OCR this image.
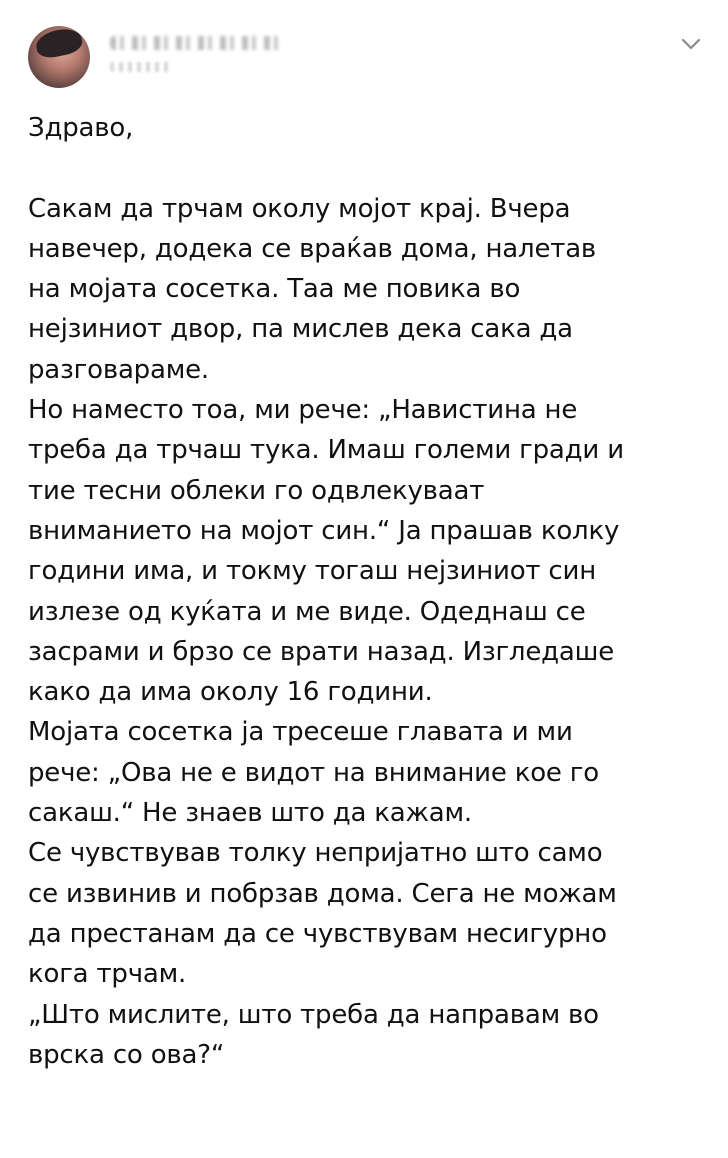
Здраво,
Сакам да трчам околу мојот крај. Вчера
навечер, додека се враќав дома, налетав
на мојата сосетка. Таа ме повика во
нејзиниот двор, па мислев дека сака да
разговараме.
Но наместо тоа, ми рече: „Навистина не
треба да трчаш тука. Имаш големи гради и
тие тесни облеки го одвлекуваат
вниманието на мојот син.“ Ја прашав колку
години има, и токму тогаш нејзиниот син
излезе од куќата и ме виде. Одеднаш се
засрами и брзо се врати назад. Изгледаше
како да има околу 16 години.
Мојата сосетка ја тресеше главата и ми
рече: „Ова не е видот на внимание кое го
сакаш.“ Не знаев што да кажам.
Се чувствував толку непријатно што само
се извинив и побрзав дома. Сега не можам
да престанам да се чувствувам несигурно
кога трчам.
„Што мислите, што треба да направам во
врска со ова?“
